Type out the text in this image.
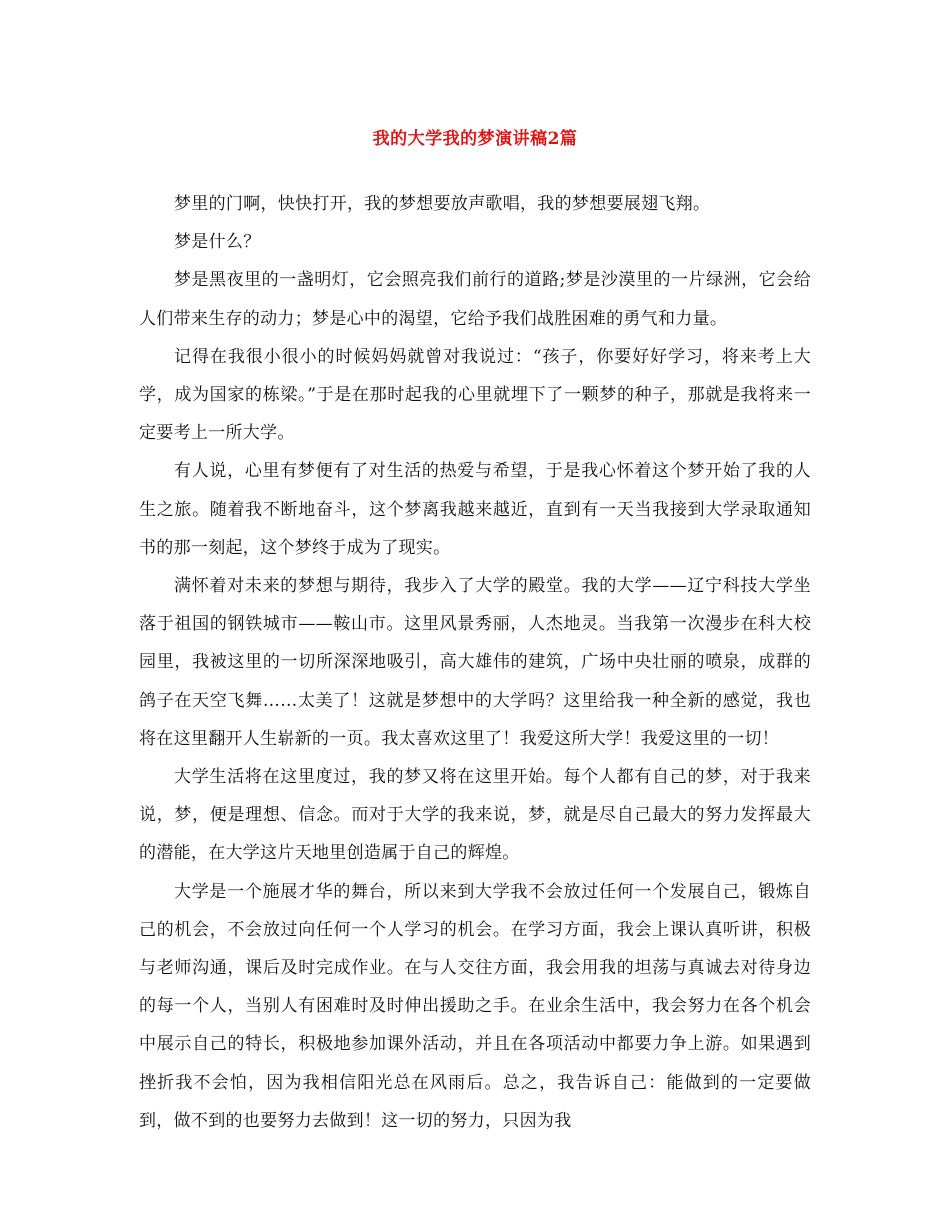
我的大学我的梦演讲稿2篇

梦里的门啊，快快打开，我的梦想要放声歌唱，我的梦想要展翅飞翔。

梦是什么？

梦是黑夜里的一盏明灯，它会照亮我们前行的道路;梦是沙漠里的一片绿洲，它会给人们带来生存的动力；梦是心中的渴望，它给予我们战胜困难的勇气和力量。

记得在我很小很小的时候妈妈就曾对我说过：“孩子，你要好好学习，将来考上大学，成为国家的栋梁。”于是在那时起我的心里就埋下了一颗梦的种子，那就是我将来一定要考上一所大学。

有人说，心里有梦便有了对生活的热爱与希望，于是我心怀着这个梦开始了我的人生之旅。随着我不断地奋斗，这个梦离我越来越近，直到有一天当我接到大学录取通知书的那一刻起，这个梦终于成为了现实。

满怀着对未来的梦想与期待，我步入了大学的殿堂。我的大学——辽宁科技大学坐落于祖国的钢铁城市——鞍山市。这里风景秀丽，人杰地灵。当我第一次漫步在科大校园里，我被这里的一切所深深地吸引，高大雄伟的建筑，广场中央壮丽的喷泉，成群的鸽子在天空飞舞……太美了！这就是梦想中的大学吗？这里给我一种全新的感觉，我也将在这里翻开人生崭新的一页。我太喜欢这里了！我爱这所大学！我爱这里的一切！

大学生活将在这里度过，我的梦又将在这里开始。每个人都有自己的梦，对于我来说，梦，便是理想、信念。而对于大学的我来说，梦，就是尽自己最大的努力发挥最大的潜能，在大学这片天地里创造属于自己的辉煌。

大学是一个施展才华的舞台，所以来到大学我不会放过任何一个发展自己，锻炼自己的机会，不会放过向任何一个人学习的机会。在学习方面，我会上课认真听讲，积极与老师沟通，课后及时完成作业。在与人交往方面，我会用我的坦荡与真诚去对待身边的每一个人，当别人有困难时及时伸出援助之手。在业余生活中，我会努力在各个机会中展示自己的特长，积极地参加课外活动，并且在各项活动中都要力争上游。如果遇到挫折我不会怕，因为我相信阳光总在风雨后。总之，我告诉自己：能做到的一定要做到，做不到的也要努力去做到！这一切的努力，只因为我
